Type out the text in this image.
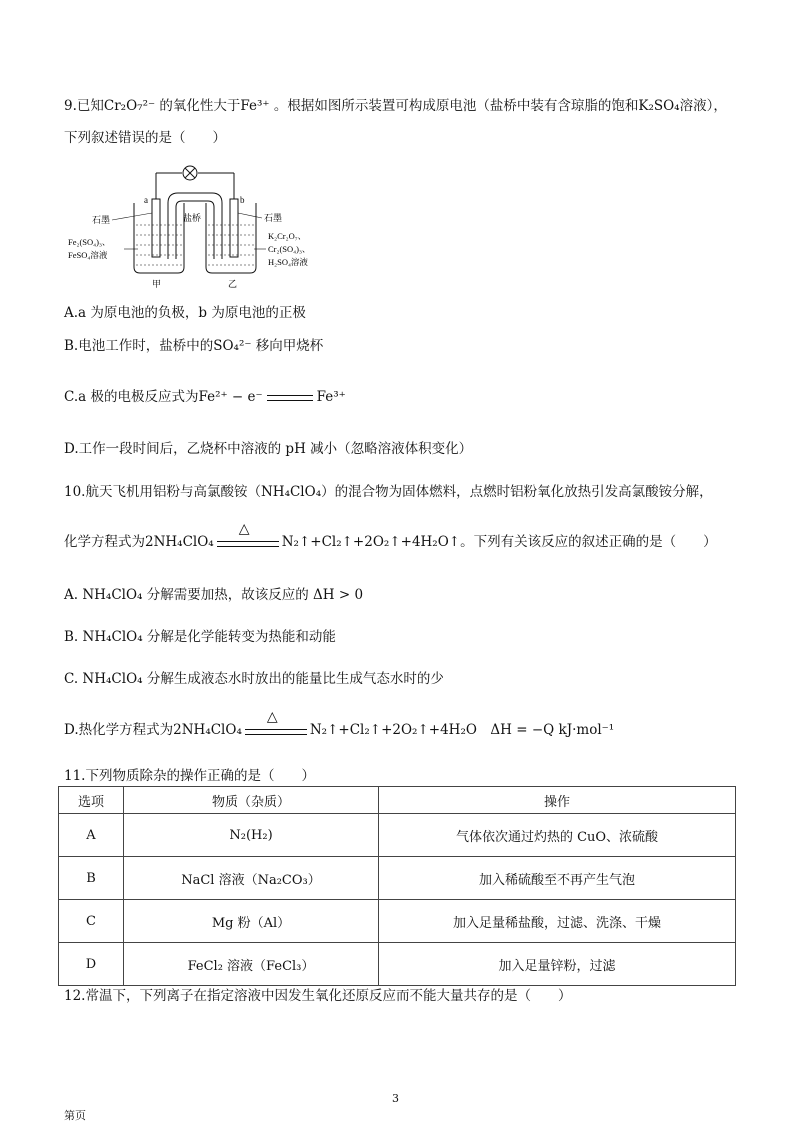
9.已知Cr₂O₇²⁻ 的氧化性大于Fe³⁺ 。根据如图所示装置可构成原电池（盐桥中装有含琼脂的饱和K₂SO₄溶液），
下列叙述错误的是（　　）
a	b
盐桥
石墨	石墨
Fe₂(SO₄)₃、
FeSO₄溶液
K₂Cr₂O₇、
Cr₂(SO₄)₃、
H₂SO₄溶液
甲	乙
A.a 为原电池的负极，b 为原电池的正极
B.电池工作时，盐桥中的SO₄²⁻ 移向甲烧杯
C.a 极的电极反应式为Fe²⁺ − e⁻	Fe³⁺
D.工作一段时间后，乙烧杯中溶液的 pH 减小（忽略溶液体积变化）
10.航天飞机用铝粉与高氯酸铵（NH₄ClO₄）的混合物为固体燃料，点燃时铝粉氧化放热引发高氯酸铵分解，
化学方程式为2NH₄ClO₄
△
N₂↑+Cl₂↑+2O₂↑+4H₂O↑。下列有关该反应的叙述正确的是（　　）
A. NH₄ClO₄ 分解需要加热，故该反应的 ΔH > 0
B. NH₄ClO₄ 分解是化学能转变为热能和动能
C. NH₄ClO₄ 分解生成液态水时放出的能量比生成气态水时的少
D.热化学方程式为2NH₄ClO₄
△
N₂↑+Cl₂↑+2O₂↑+4H₂O　ΔH = −Q kJ·mol⁻¹
11.下列物质除杂的操作正确的是（　　）
选项	物质（杂质）	操作
A	N₂(H₂)	气体依次通过灼热的 CuO、浓硫酸
B	NaCl 溶液（Na₂CO₃）	加入稀硫酸至不再产生气泡
C	Mg 粉（Al）	加入足量稀盐酸，过滤、洗涤、干燥
D	FeCl₂ 溶液（FeCl₃）	加入足量锌粉，过滤
12.常温下，下列离子在指定溶液中因发生氧化还原反应而不能大量共存的是（　　）
3
第页
